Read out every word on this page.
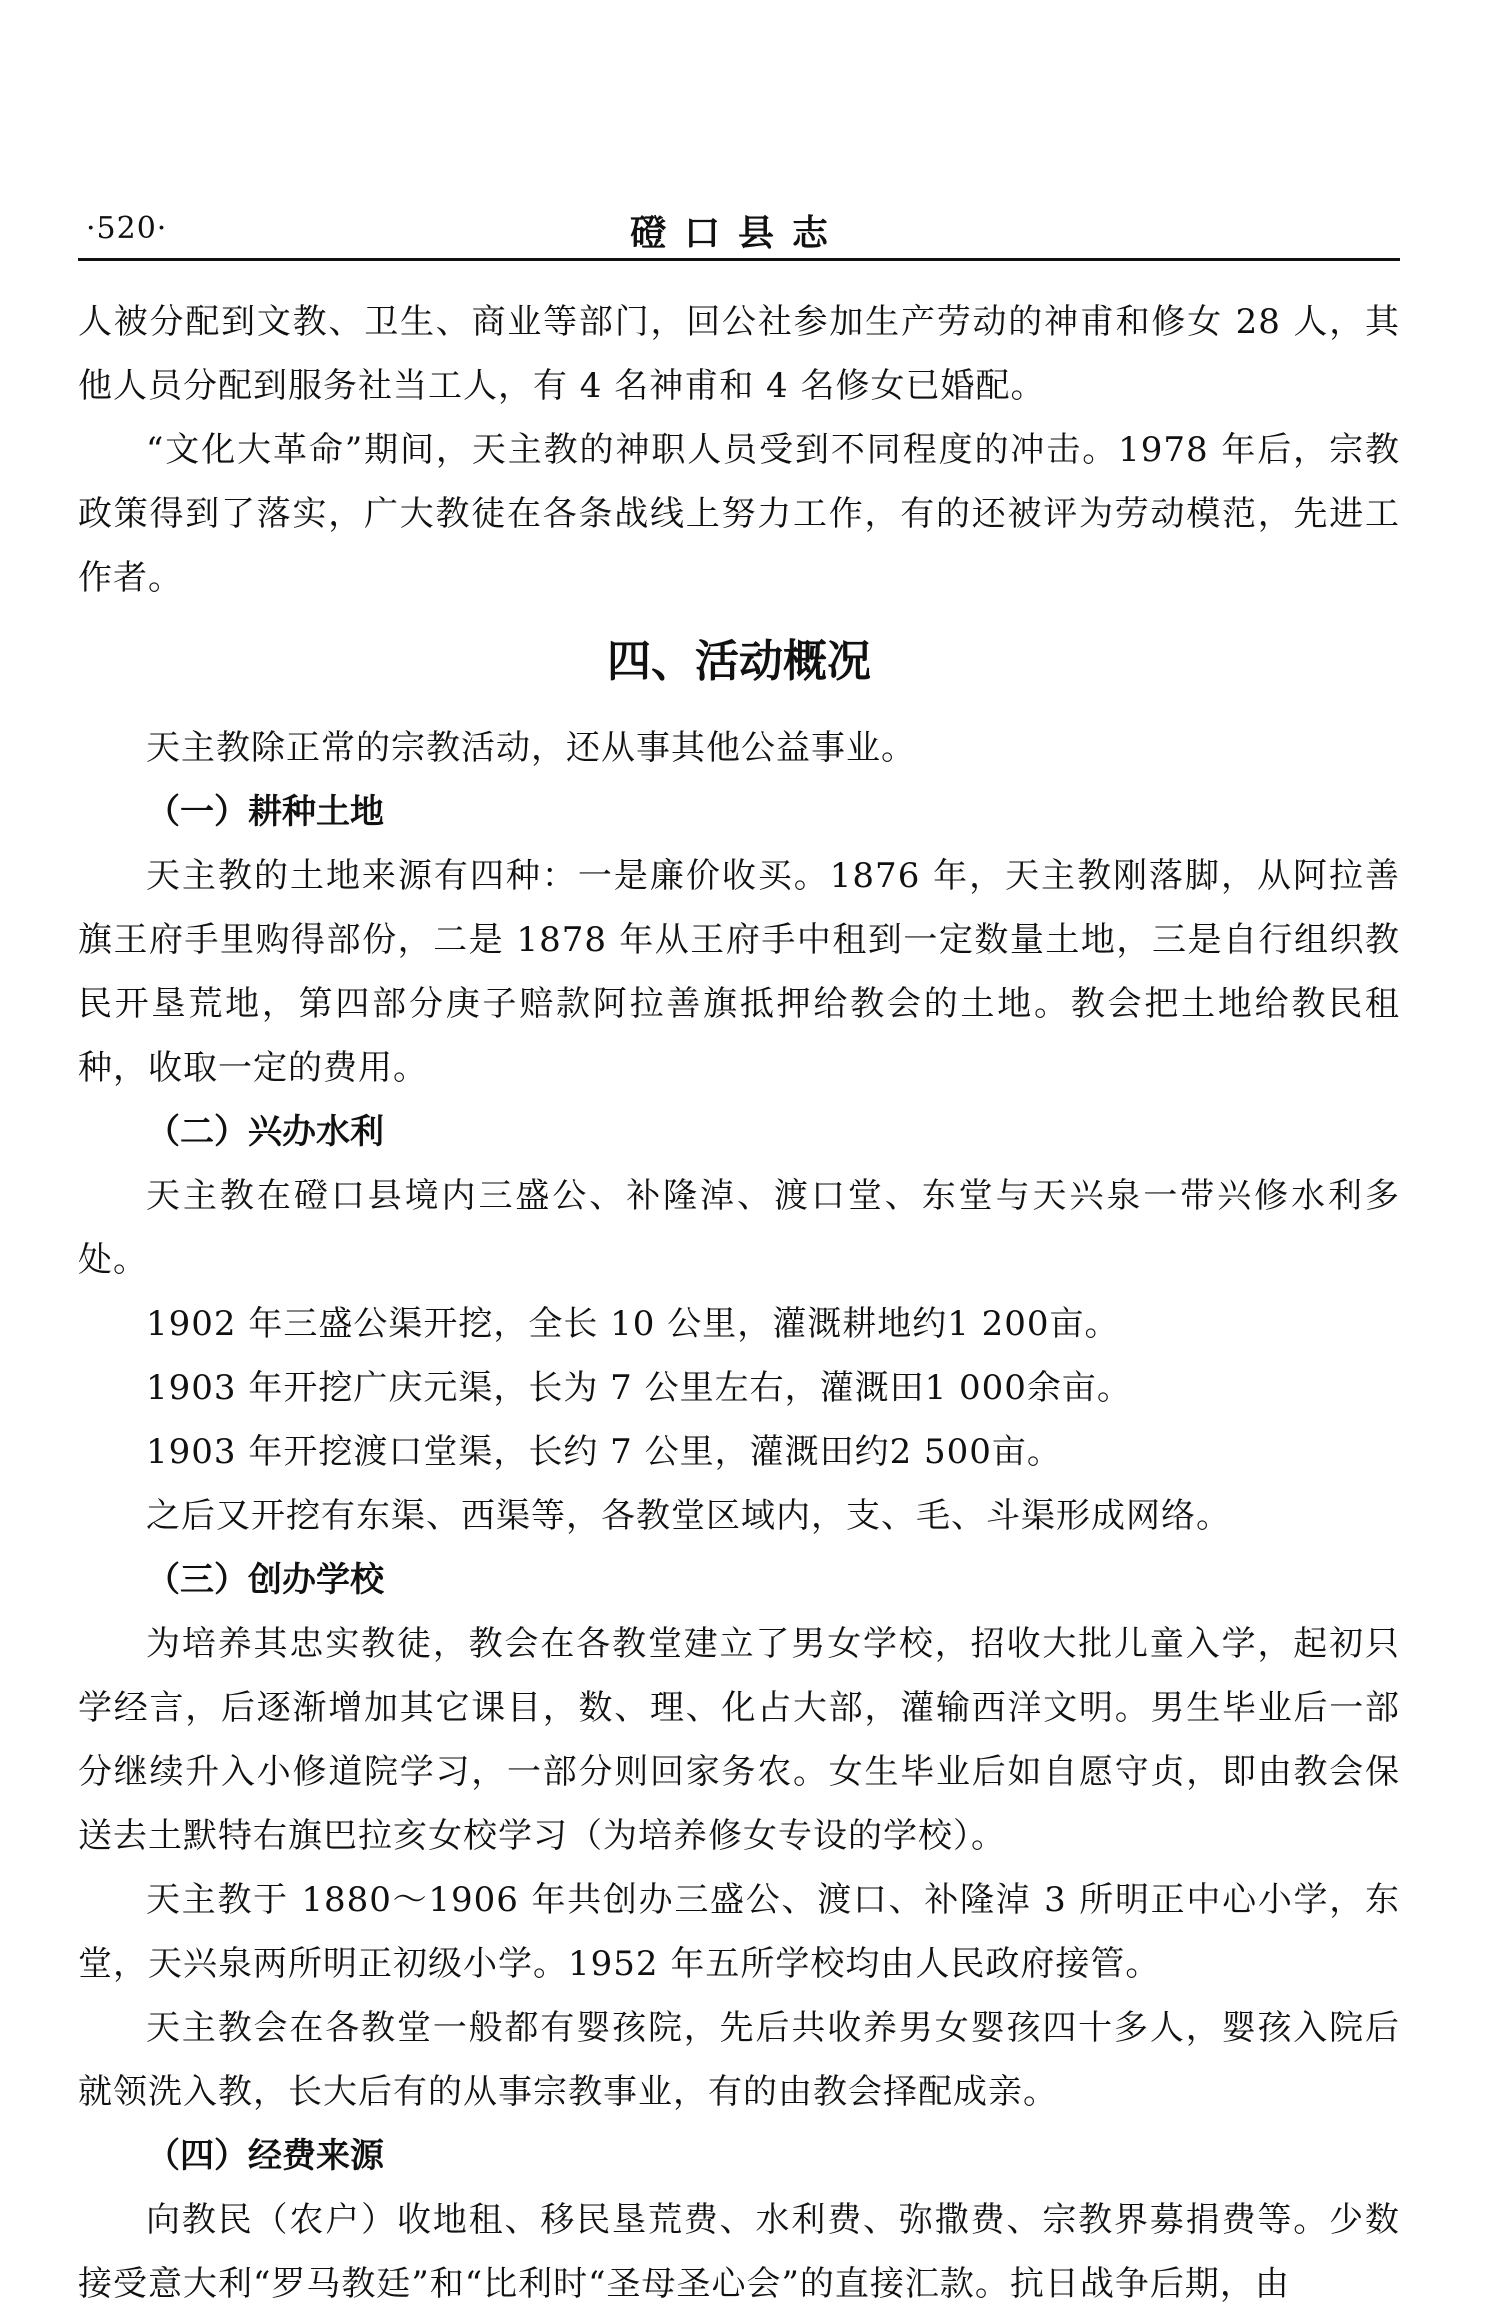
·520·	磴口县志

人被分配到文教、卫生、商业等部门，回公社参加生产劳动的神甫和修女 28 人，其他人员分配到服务社当工人，有 4 名神甫和 4 名修女已婚配。

“文化大革命”期间，天主教的神职人员受到不同程度的冲击。1978 年后，宗教政策得到了落实，广大教徒在各条战线上努力工作，有的还被评为劳动模范，先进工作者。

四、活动概况

天主教除正常的宗教活动，还从事其他公益事业。

（一）耕种土地

天主教的土地来源有四种：一是廉价收买。1876 年，天主教刚落脚，从阿拉善旗王府手里购得部份，二是 1878 年从王府手中租到一定数量土地，三是自行组织教民开垦荒地，第四部分庚子赔款阿拉善旗抵押给教会的土地。教会把土地给教民租种，收取一定的费用。

（二）兴办水利

天主教在磴口县境内三盛公、补隆淖、渡口堂、东堂与天兴泉一带兴修水利多处。

1902 年三盛公渠开挖，全长 10 公里，灌溉耕地约1 200亩。

1903 年开挖广庆元渠，长为 7 公里左右，灌溉田1 000余亩。

1903 年开挖渡口堂渠，长约 7 公里，灌溉田约2 500亩。

之后又开挖有东渠、西渠等，各教堂区域内，支、毛、斗渠形成网络。

（三）创办学校

为培养其忠实教徒，教会在各教堂建立了男女学校，招收大批儿童入学，起初只学经言，后逐渐增加其它课目，数、理、化占大部，灌输西洋文明。男生毕业后一部分继续升入小修道院学习，一部分则回家务农。女生毕业后如自愿守贞，即由教会保送去土默特右旗巴拉亥女校学习（为培养修女专设的学校）。

天主教于 1880～1906 年共创办三盛公、渡口、补隆淖 3 所明正中心小学，东堂，天兴泉两所明正初级小学。1952 年五所学校均由人民政府接管。

天主教会在各教堂一般都有婴孩院，先后共收养男女婴孩四十多人，婴孩入院后就领洗入教，长大后有的从事宗教事业，有的由教会择配成亲。

（四）经费来源

向教民（农户）收地租、移民垦荒费、水利费、弥撒费、宗教界募捐费等。少数接受意大利“罗马教廷”和“比利时“圣母圣心会”的直接汇款。抗日战争后期，由
